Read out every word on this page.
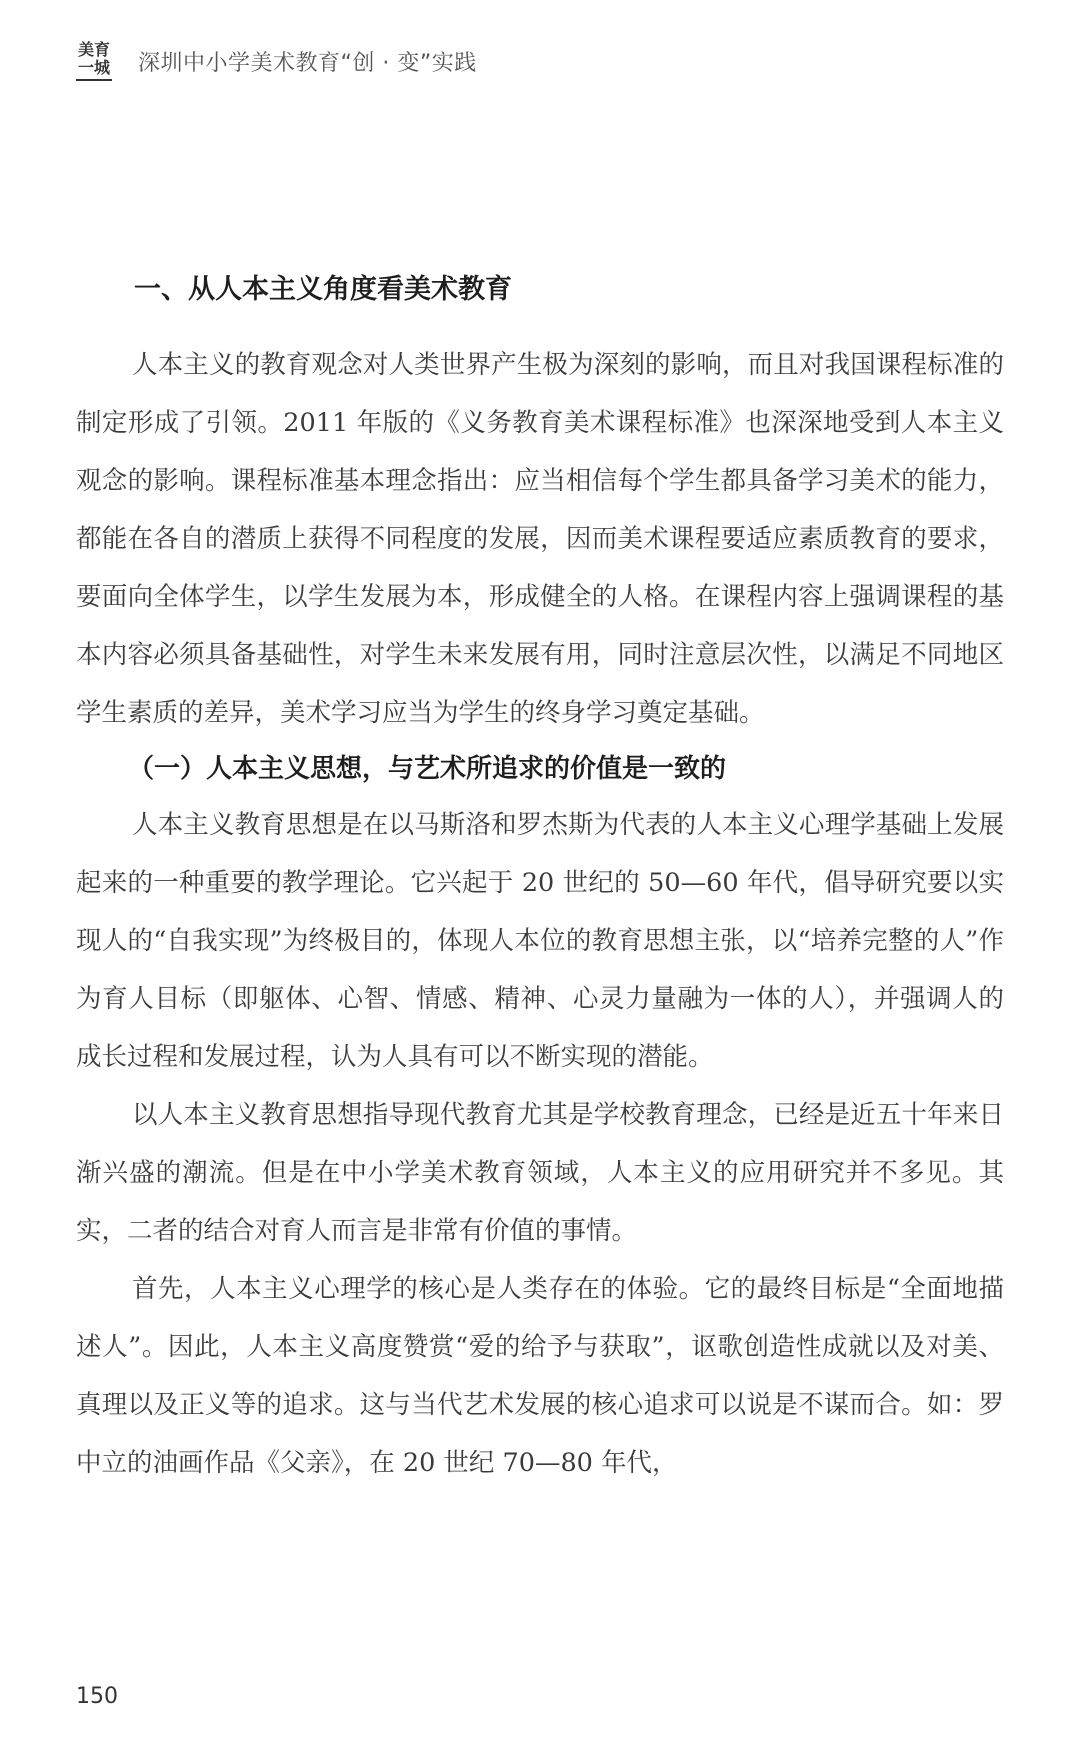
美育
一城 深圳中小学美术教育“创 · 变”实践
一、从人本主义角度看美术教育

人本主义的教育观念对人类世界产生极为深刻的影响，而且对我国课程标准的制定形成了引领。2011 年版的《义务教育美术课程标准》也深深地受到人本主义观念的影响。课程标准基本理念指出：应当相信每个学生都具备学习美术的能力，都能在各自的潜质上获得不同程度的发展，因而美术课程要适应素质教育的要求，要面向全体学生，以学生发展为本，形成健全的人格。在课程内容上强调课程的基本内容必须具备基础性，对学生未来发展有用，同时注意层次性，以满足不同地区学生素质的差异，美术学习应当为学生的终身学习奠定基础。

（一）人本主义思想，与艺术所追求的价值是一致的

人本主义教育思想是在以马斯洛和罗杰斯为代表的人本主义心理学基础上发展起来的一种重要的教学理论。它兴起于 20 世纪的 50—60 年代，倡导研究要以实现人的“自我实现”为终极目的，体现人本位的教育思想主张，以“培养完整的人”作为育人目标（即躯体、心智、情感、精神、心灵力量融为一体的人），并强调人的成长过程和发展过程，认为人具有可以不断实现的潜能。

以人本主义教育思想指导现代教育尤其是学校教育理念，已经是近五十年来日渐兴盛的潮流。但是在中小学美术教育领域，人本主义的应用研究并不多见。其实，二者的结合对育人而言是非常有价值的事情。

首先，人本主义心理学的核心是人类存在的体验。它的最终目标是“全面地描述人”。因此，人本主义高度赞赏“爱的给予与获取”，讴歌创造性成就以及对美、真理以及正义等的追求。这与当代艺术发展的核心追求可以说是不谋而合。如：罗中立的油画作品《父亲》，在 20 世纪 70—80 年代，

150
